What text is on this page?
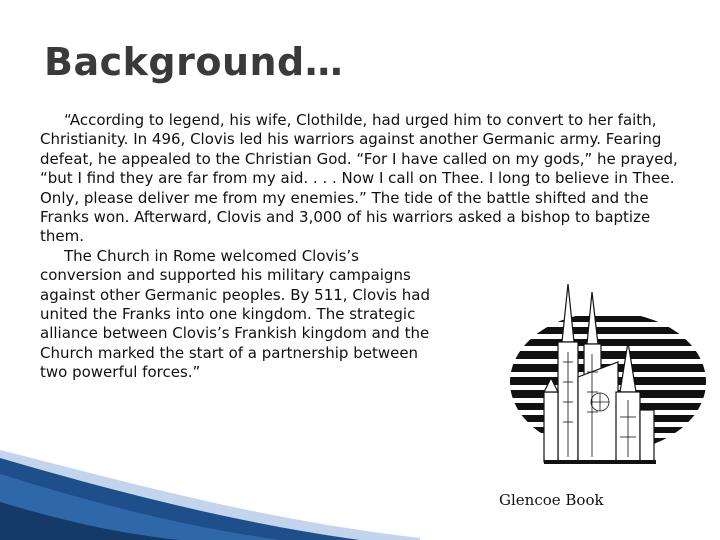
Background…

“According to legend, his wife, Clothilde, had urged him to convert to her faith, Christianity. In 496, Clovis led his warriors against another Germanic army. Fearing defeat, he appealed to the Christian God. “For I have called on my gods,” he prayed, “but I find they are far from my aid. . . . Now I call on Thee. I long to believe in Thee. Only, please deliver me from my enemies.” The tide of the battle shifted and the Franks won. Afterward, Clovis and 3,000 of his warriors asked a bishop to baptize them.

The Church in Rome welcomed Clovis’s conversion and supported his military campaigns against other Germanic peoples. By 511, Clovis had united the Franks into one kingdom. The strategic alliance between Clovis’s Frankish kingdom and the Church marked the start of a partnership between two powerful forces.”

Glencoe Book
